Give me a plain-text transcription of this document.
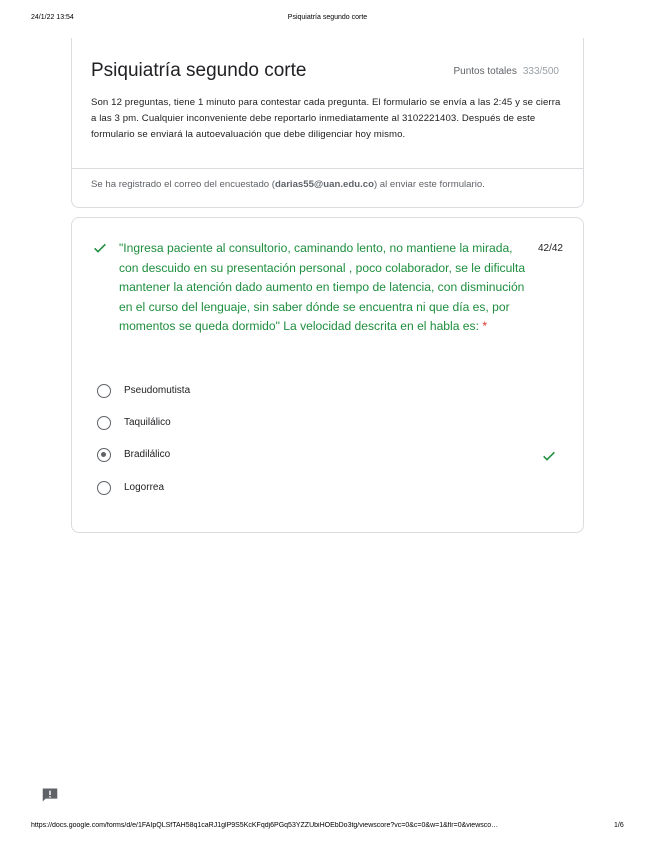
24/1/22 13:54	Psiquiatría segundo corte
Psiquiatría segundo corte	Puntos totales 333/500
Son 12 preguntas, tiene 1 minuto para contestar cada pregunta. El formulario se envía a las 2:45 y se cierra a las 3 pm. Cualquier inconveniente debe reportarlo inmediatamente al 3102221403. Después de este formulario se enviará la autoevaluación que debe diligenciar hoy mismo.
Se ha registrado el correo del encuestado (darias55@uan.edu.co) al enviar este formulario.
"Ingresa paciente al consultorio, caminando lento, no mantiene la mirada, con descuido en su presentación personal , poco colaborador, se le dificulta mantener la atención dado aumento en tiempo de latencia, con disminución en el curso del lenguaje, sin saber dónde se encuentra ni que día es, por momentos se queda dormido" La velocidad descrita en el habla es: *
42/42
Pseudomutista
Taquilálico
Bradilálico
Logorrea
https://docs.google.com/forms/d/e/1FAIpQLSfTAH58q1caRJ1glP9S5KcKFqdj6PGq53YZZUbiHOEbDo3tg/viewscore?vc=0&c=0&w=1&flr=0&viewsco…	1/6
